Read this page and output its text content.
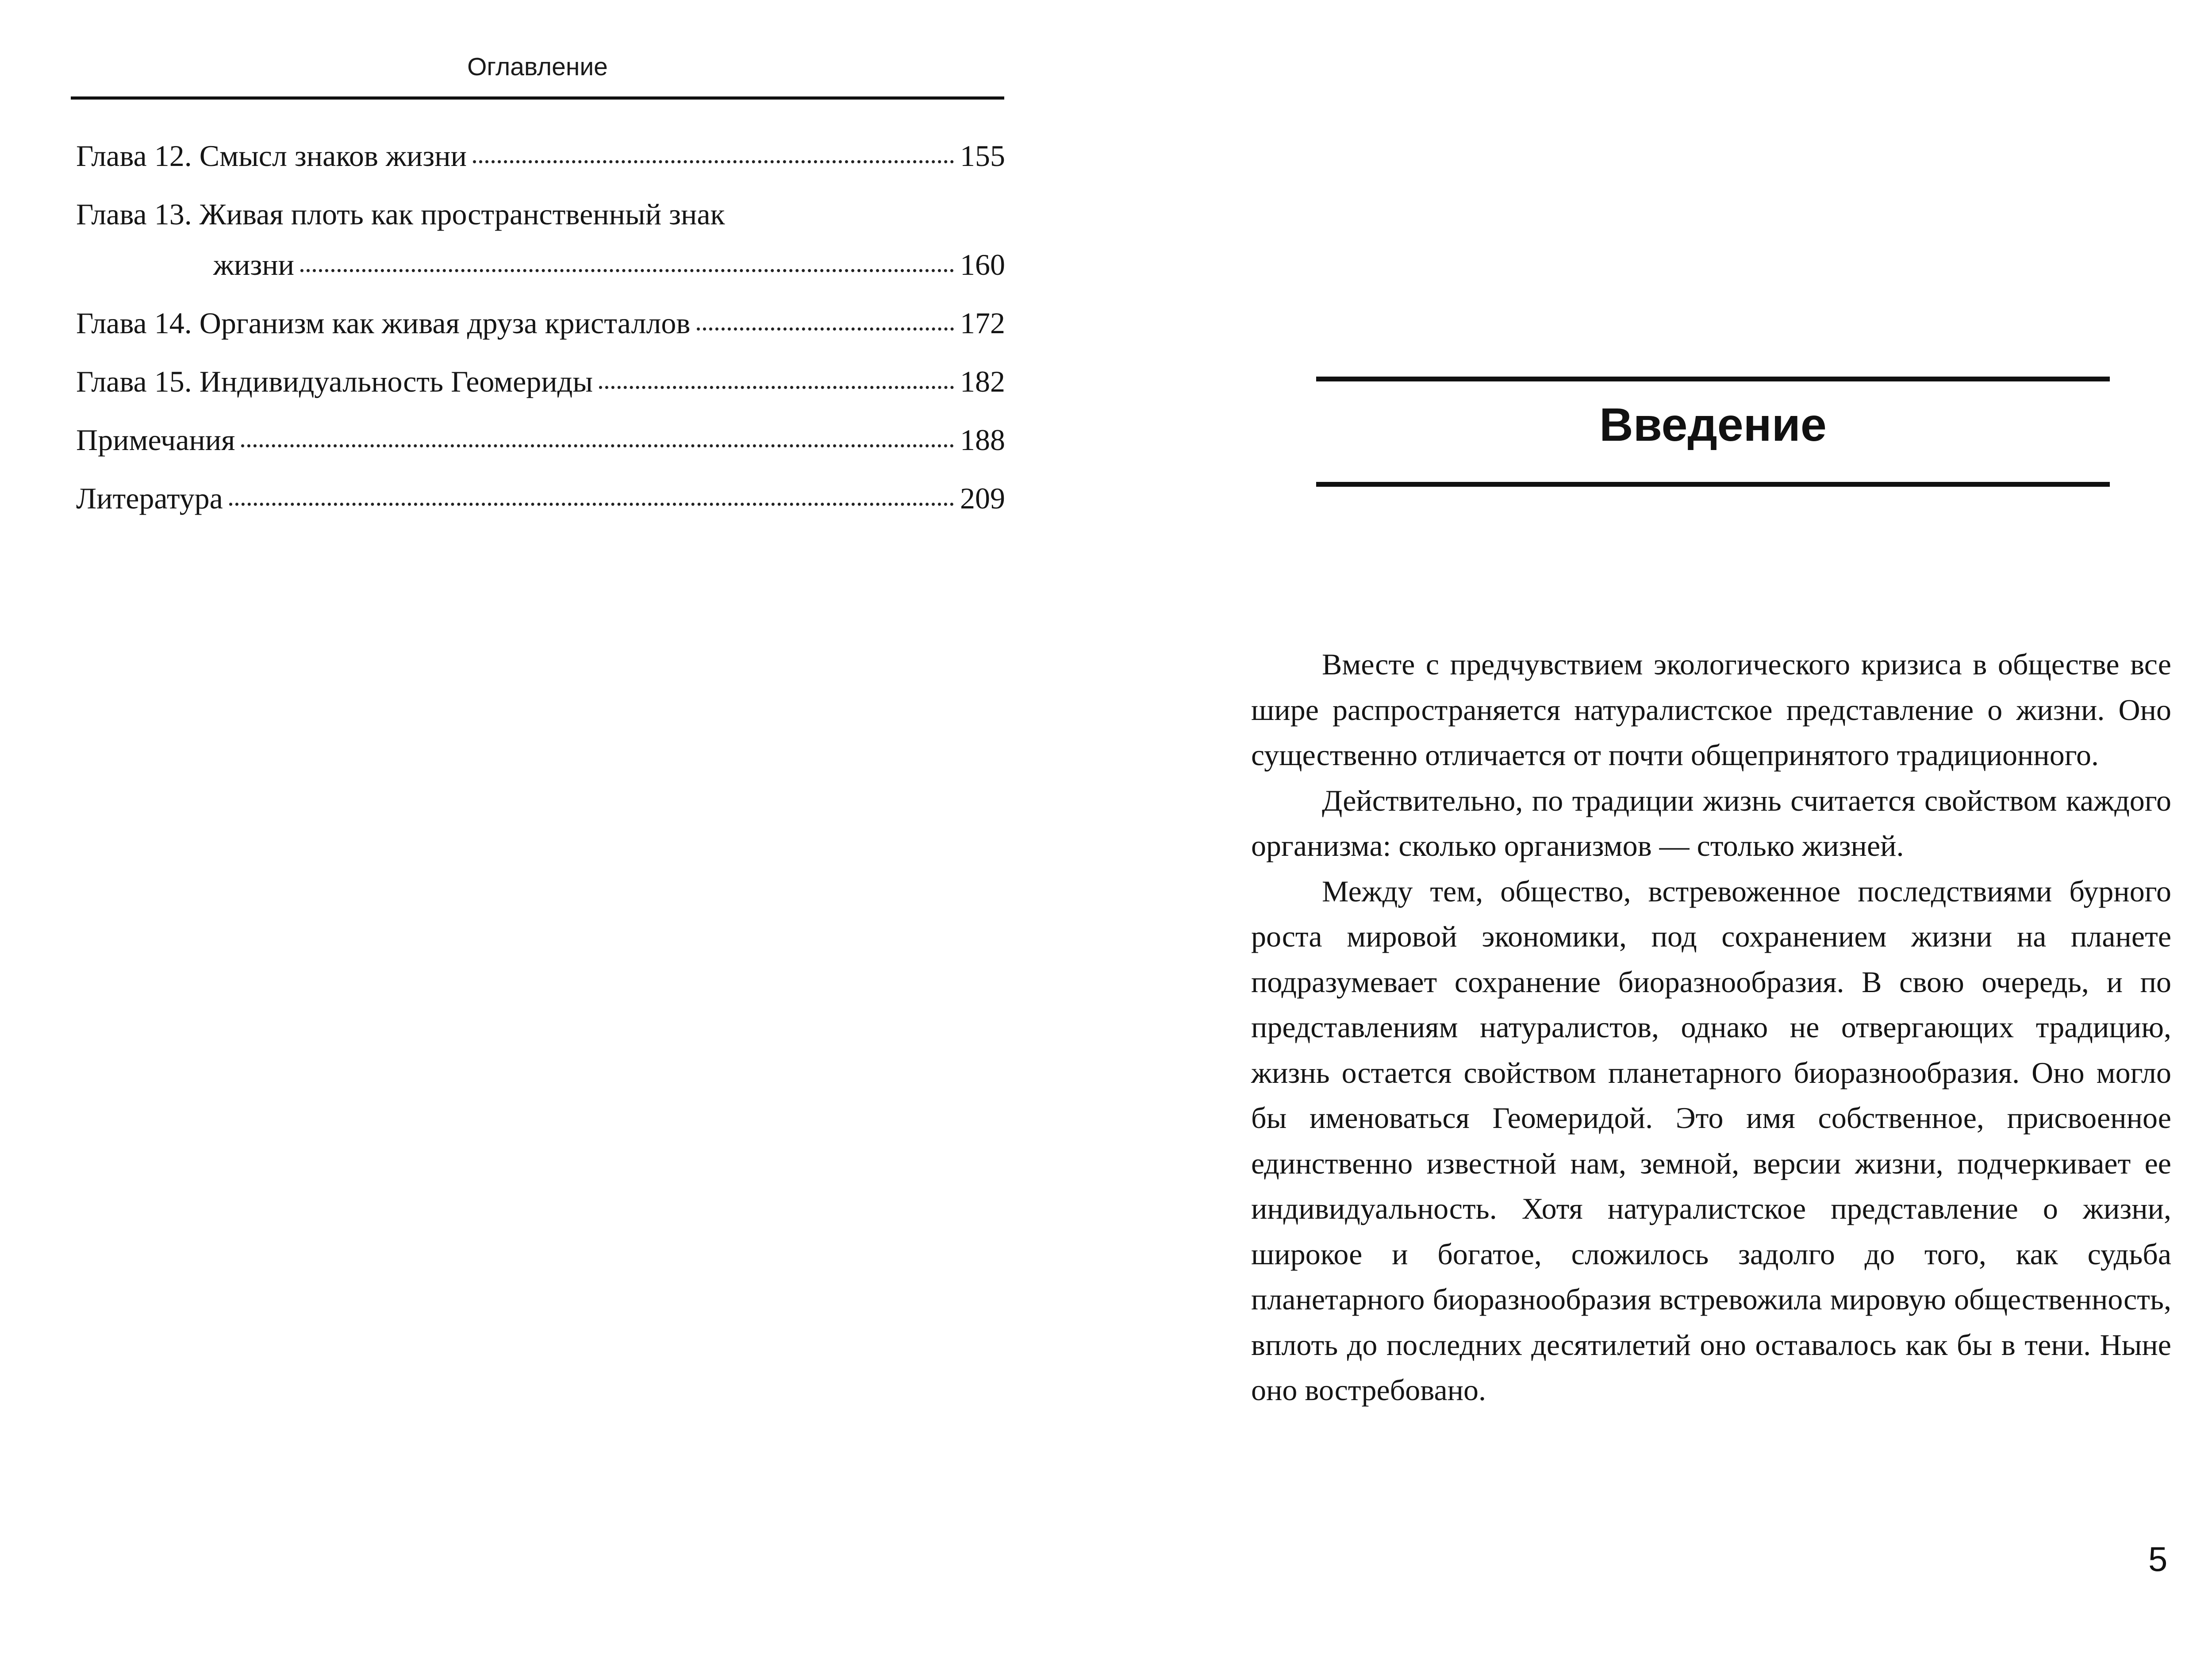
Оглавление
Глава 12. Смысл знаков жизни	155
Глава 13. Живая плоть как пространственный знак
жизни	160
Глава 14. Организм как живая друза кристаллов	172
Глава 15. Индивидуальность Геомериды	182
Примечания	188
Литература	209
Введение

Вместе с предчувствием экологического кризиса в обществе все шире распространяется натуралистское представление о жизни. Оно существенно отличается от почти общепринятого традиционного.

Действительно, по традиции жизнь считается свойством каждого организма: сколько организмов — столько жизней.

Между тем, общество, встревоженное последствиями бурного роста мировой экономики, под сохранением жизни на планете подразумевает сохранение биоразнообразия. В свою очередь, и по представлениям натуралистов, однако не отвергающих традицию, жизнь остается свойством планетарного биоразнообразия. Оно могло бы именоваться Геомеридой. Это имя собственное, присвоенное единственно известной нам, земной, версии жизни, подчеркивает ее индивидуальность. Хотя натуралистское представление о жизни, широкое и богатое, сложилось задолго до того, как судьба планетарного биоразнообразия встревожила мировую общественность, вплоть до последних десятилетий оно оставалось как бы в тени. Ныне оно востребовано.

5
